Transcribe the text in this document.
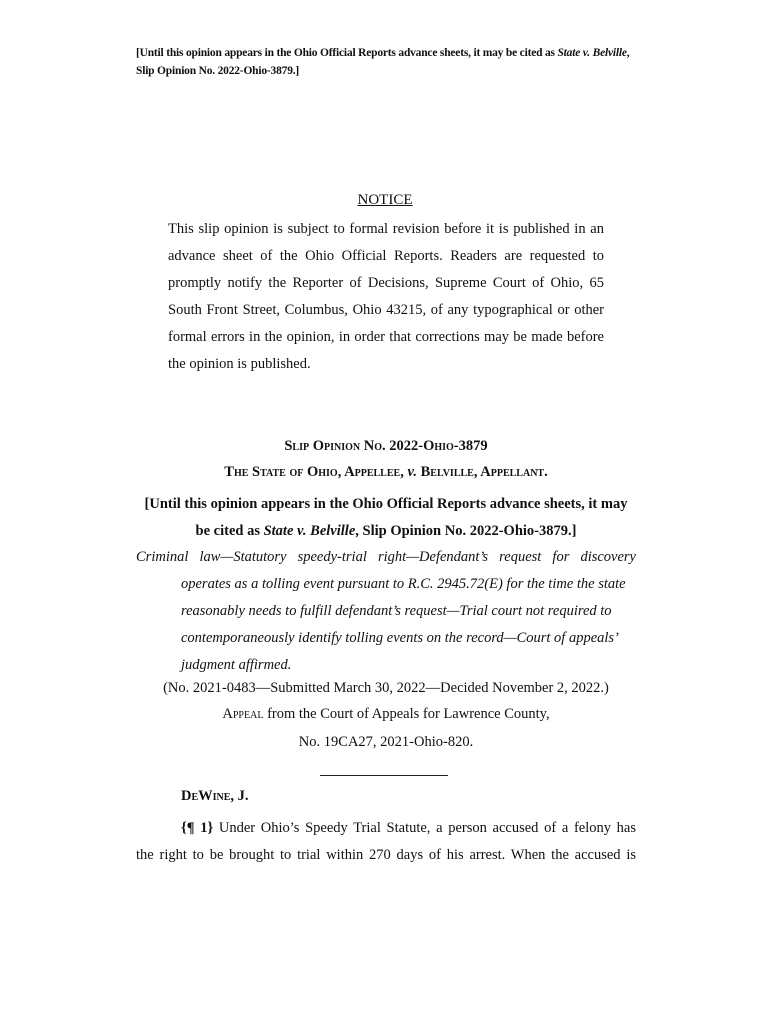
[Until this opinion appears in the Ohio Official Reports advance sheets, it may be cited as State v. Belville, Slip Opinion No. 2022-Ohio-3879.]
NOTICE
This slip opinion is subject to formal revision before it is published in an advance sheet of the Ohio Official Reports. Readers are requested to promptly notify the Reporter of Decisions, Supreme Court of Ohio, 65 South Front Street, Columbus, Ohio 43215, of any typographical or other formal errors in the opinion, in order that corrections may be made before the opinion is published.
Slip Opinion No. 2022-Ohio-3879
The State of Ohio, Appellee, v. Belville, Appellant.
[Until this opinion appears in the Ohio Official Reports advance sheets, it may be cited as State v. Belville, Slip Opinion No. 2022-Ohio-3879.]
Criminal law—Statutory speedy-trial right—Defendant’s request for discovery
operates as a tolling event pursuant to R.C. 2945.72(E) for the time the state reasonably needs to fulfill defendant’s request—Trial court not required to contemporaneously identify tolling events on the record—Court of appeals’ judgment affirmed.
(No. 2021-0483—Submitted March 30, 2022—Decided November 2, 2022.)
Appeal from the Court of Appeals for Lawrence County,
No. 19CA27, 2021-Ohio-820.
DeWine, J.
{¶ 1} Under Ohio’s Speedy Trial Statute, a person accused of a felony has
the right to be brought to trial within 270 days of his arrest. When the accused is
